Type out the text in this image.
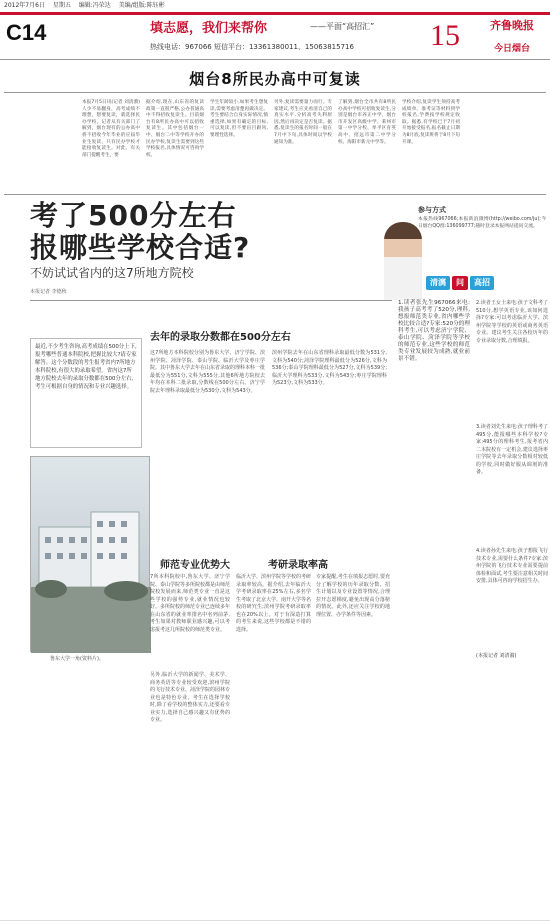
2012年7月6日 星期五 编辑:冯荣达 美编/组版:陈钰彬
C14	填志愿，我们来帮你	——平面“高招汇”
热线电话：967066 短信平台：13361380011、15063815716	15	齐鲁晚报
今日烟台
烟台8所民办高中可复读
本报7月5日讯(记者 刘清漪) 人少不易翻身，高考成绩不理想，想要复读，就选择民办学校，记者从有关部门了解到，烟台现有的公办高中将不招收今年毕业的应届毕业生复读，只有民办学校才能接收复读生。对此，有关部门提醒考生，要
据介绍,现在,山东省的复读政策一直很严格,公办普通高中不得招收复读生。目前烟台有8所民办高中可以招收复读生。其中包括烟台一中、烟台二中等学校开办的民办学校,复读生需要到这些学校报名,具体情况可咨询学校。
学生年龄较小,如果考生想复读,需要考虑清楚再做决定。考生要结合自身实际情况,慎重选择,如果有确定的目标,可以复读,但不要盲目跟风,要理性选择。
另外,复读需要量力而行。专家建议,考生应先看清自己的真实水平,分析高考失利原因,然后再决定是否复读。据悉,复读生的报名时间一般在7月中下旬,具体时间以学校通知为准。
了解到,烟台全市共有8所民办高中学校可招收复读生,分别是烟台市养正中学、烟台市开发区高级中学、莱州市第一中学分校、牟平区育英高中、招远市第二中学分校、海阳市新元中学等。
学校介绍,复读学生须持高考成绩单、准考证等材料到学校报名,学费按学校规定收取。据悉,有学校已于7月初开始接受报名,报名截止日期为8月底,复读班将于8月下旬开课。
考了500分左右
报哪些学校合适?
不妨试试省内的这7所地方院校
本报记者 李德秋
参与方式
本报热线967066;本报新浪微博(http://weibo.com/ju);今日烟台QQ群:136099777;随时登录本报网站提问交流。
清漓	问	高招
去年的录取分数都在500分左右
最近,不少考生咨询,高考成绩在500分上下,报考哪些普通本科院校,把握比较大?请专家解答。这个分数段的考生报考省内7所地方本科院校,有很大的录取希望。省内这7所地方院校去年的录取分数都在500分左右,考生可根据自身的情况和专业兴趣选择。
这7所地方本科院校分别为鲁东大学、济宁学院、滨州学院、菏泽学院、泰山学院、临沂大学及枣庄学院。其中鲁东大学去年在山东省录取的理科本科一批最低分为551分,文科为555分,其他6所地方院校去年均在本科二批录取,分数线在500分左右。济宁学院去年理科录取最低分为530分,文科为543分。
滨州学院去年在山东省理科录取最低分数为531分,文科为540分;菏泽学院理科最低分为526分,文科为536分;泰山学院理科最低分为527分,文科为539分;临沂大学理科为533分,文科为543分;枣庄学院理科为523分,文科为533分。
鲁东大学一角(资料片)。
师范专业优势大	考研录取率高
7所本科院校中,鲁东大学、济宁学院、泰山学院等多所院校都是由师范院校发展而来,师范类专业一直是这些学校的强势专业,就业情况也较好。多所院校的师范专业已连续多年在山东省的就业率排名中名列前茅,考生如果对教师职业感兴趣,可以考虑报考这几所院校的师范类专业。
另外,临沂大学的新闻学、美术学、商务英语等专业较受欢迎,滨州学院的飞行技术专业、菏泽学院的园林专业也是特色专业。考生在选择学校时,除了看学校的整体实力,还要看专业实力,选择自己感兴趣又有优势的专业。
临沂大学、滨州学院等学校的考研录取率较高。据介绍,去年临沂大学考研录取率在25%左右,多名学生考取了北京大学、南开大学等名校的研究生;滨州学院考研录取率也在20%以上。对于有深造打算的考生来说,这些学校都是不错的选择。
专家提醒,考生在填报志愿时,要充分了解学校的历年录取分数、招生计划以及专业设置等情况,合理拉开志愿梯度,避免出现高分落榜的情况。此外,还应关注学校的地理位置、办学条件等因素。
1.读者张先生967066来电:我孩子高考考了520分,理科,想报师范类专业,省内哪些学校比较合适?专家:520分的理科考生,可以考虑济宁学院、泰山学院、菏泽学院等学校的师范专业,这些学校的师范类专业发展较为成熟,就业前景不错。
2.读者王女士来电:孩子文科考了510分,想学英语专业,该如何选择?专家:可以考虑临沂大学、滨州学院等学校的英语或商务英语专业。建议考生关注各校历年的专业录取分数,合理填报。
3.读者刘先生来电:孩子理科考了495分,能报哪些本科学校?专家:495分的理科考生,报考省内二本院校有一定机会,建议选择枣庄学院等去年录取分数相对较低的学校,同时做好服从调剂的准备。
4.读者孙先生来电:孩子想报飞行技术专业,需要什么条件?专家:滨州学院的飞行技术专业需要提前体检和面试,考生要注意相关时间安排,具体可咨询学校招生办。
(本报记者 刘清漪)
